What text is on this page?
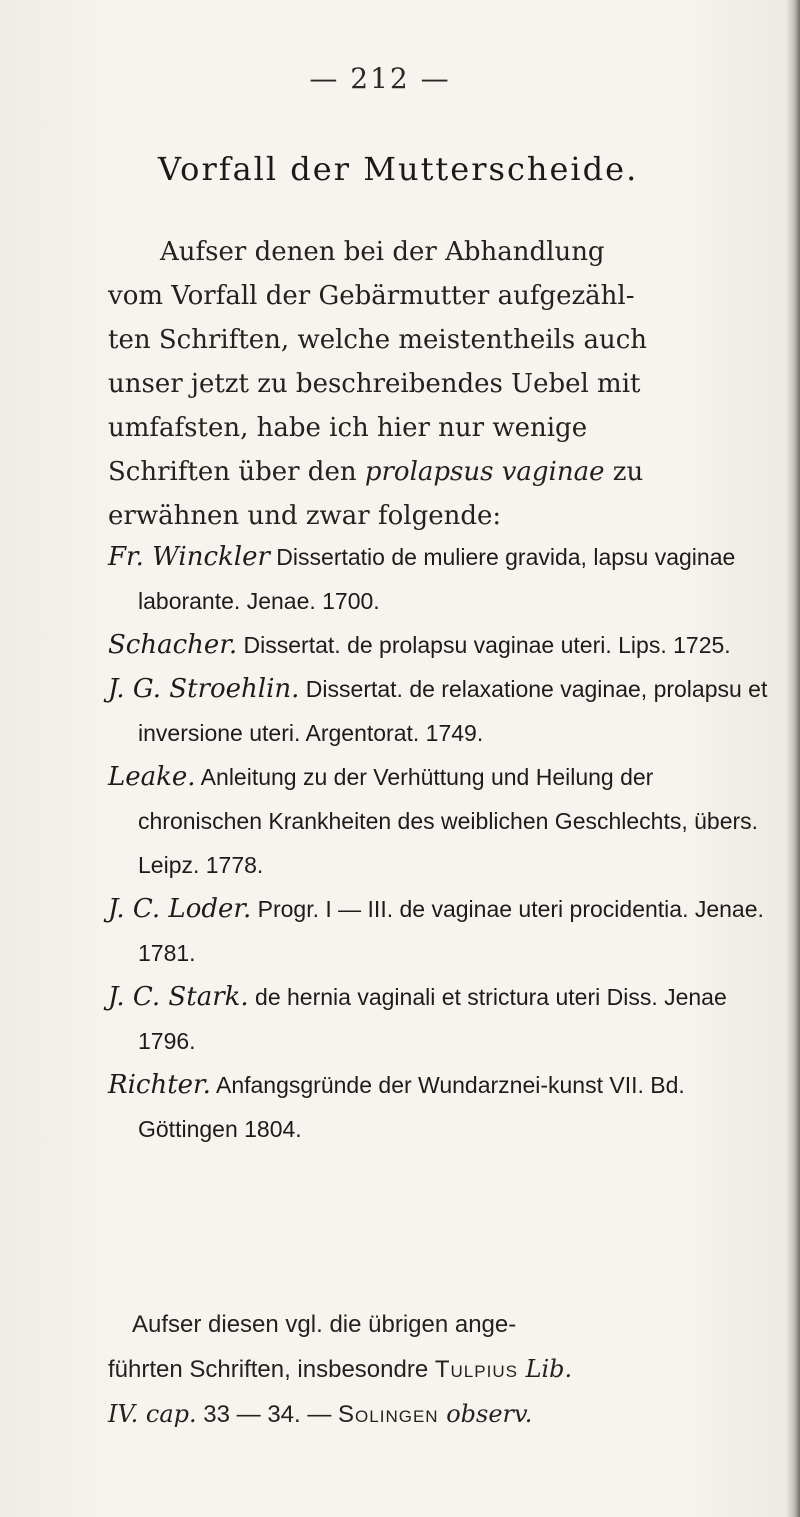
— 212 —
Vorfall der Mutterscheide.
Aufser denen bei der Abhandlung
vom Vorfall der Gebärmutter aufgezähl-
ten Schriften, welche meistentheils auch
unser jetzt zu beschreibendes Uebel mit
umfafsten, habe ich hier nur wenige
Schriften über den prolapsus vaginae zu
erwähnen und zwar folgende:

Fr. Winckler Dissertatio de muliere gravida, lapsu vaginae laborante. Jenae. 1700.

Schacher. Dissertat. de prolapsu vaginae uteri. Lips. 1725.

J. G. Stroehlin. Dissertat. de relaxatione vaginae, prolapsu et inversione uteri. Argentorat. 1749.

Leake. Anleitung zu der Verhüttung und Heilung der chronischen Krankheiten des weiblichen Geschlechts, übers. Leipz. 1778.

J. C. Loder. Progr. I — III. de vaginae uteri procidentia. Jenae. 1781.

J. C. Stark. de hernia vaginali et strictura uteri Diss. Jenae 1796.

Richter. Anfangsgründe der Wundarznei-kunst VII. Bd. Göttingen 1804.

Aufser diesen vgl. die übrigen ange-
führten Schriften, insbesondre Tulpius Lib.
IV. cap. 33 — 34. — Solingen observ.
